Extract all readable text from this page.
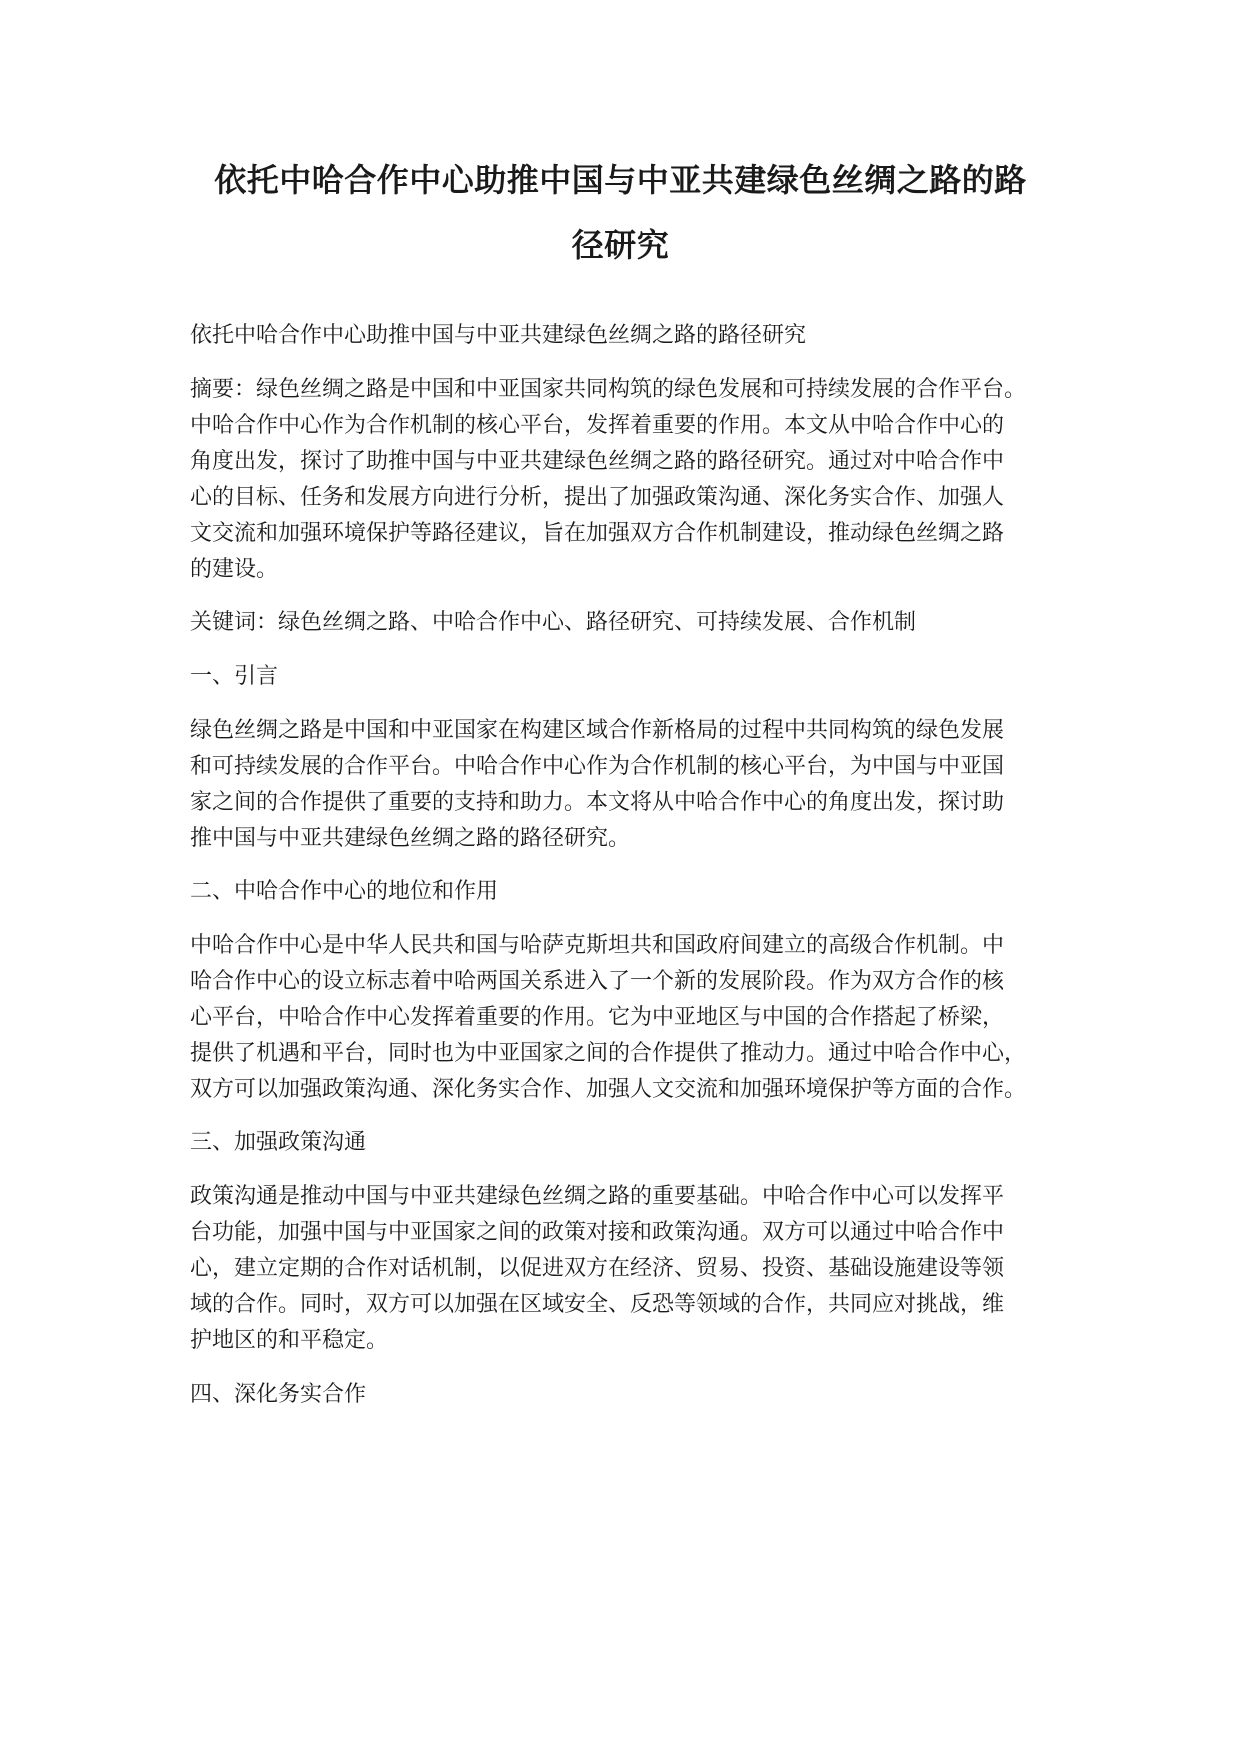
依托中哈合作中心助推中国与中亚共建绿色丝绸之路的路
径研究
依托中哈合作中心助推中国与中亚共建绿色丝绸之路的路径研究
摘要：绿色丝绸之路是中国和中亚国家共同构筑的绿色发展和可持续发展的合作平台。
中哈合作中心作为合作机制的核心平台，发挥着重要的作用。本文从中哈合作中心的
角度出发，探讨了助推中国与中亚共建绿色丝绸之路的路径研究。通过对中哈合作中
心的目标、任务和发展方向进行分析，提出了加强政策沟通、深化务实合作、加强人
文交流和加强环境保护等路径建议，旨在加强双方合作机制建设，推动绿色丝绸之路
的建设。
关键词：绿色丝绸之路、中哈合作中心、路径研究、可持续发展、合作机制
一、引言
绿色丝绸之路是中国和中亚国家在构建区域合作新格局的过程中共同构筑的绿色发展
和可持续发展的合作平台。中哈合作中心作为合作机制的核心平台，为中国与中亚国
家之间的合作提供了重要的支持和助力。本文将从中哈合作中心的角度出发，探讨助
推中国与中亚共建绿色丝绸之路的路径研究。
二、中哈合作中心的地位和作用
中哈合作中心是中华人民共和国与哈萨克斯坦共和国政府间建立的高级合作机制。中
哈合作中心的设立标志着中哈两国关系进入了一个新的发展阶段。作为双方合作的核
心平台，中哈合作中心发挥着重要的作用。它为中亚地区与中国的合作搭起了桥梁，
提供了机遇和平台，同时也为中亚国家之间的合作提供了推动力。通过中哈合作中心，
双方可以加强政策沟通、深化务实合作、加强人文交流和加强环境保护等方面的合作。
三、加强政策沟通
政策沟通是推动中国与中亚共建绿色丝绸之路的重要基础。中哈合作中心可以发挥平
台功能，加强中国与中亚国家之间的政策对接和政策沟通。双方可以通过中哈合作中
心，建立定期的合作对话机制，以促进双方在经济、贸易、投资、基础设施建设等领
域的合作。同时，双方可以加强在区域安全、反恐等领域的合作，共同应对挑战，维
护地区的和平稳定。
四、深化务实合作
